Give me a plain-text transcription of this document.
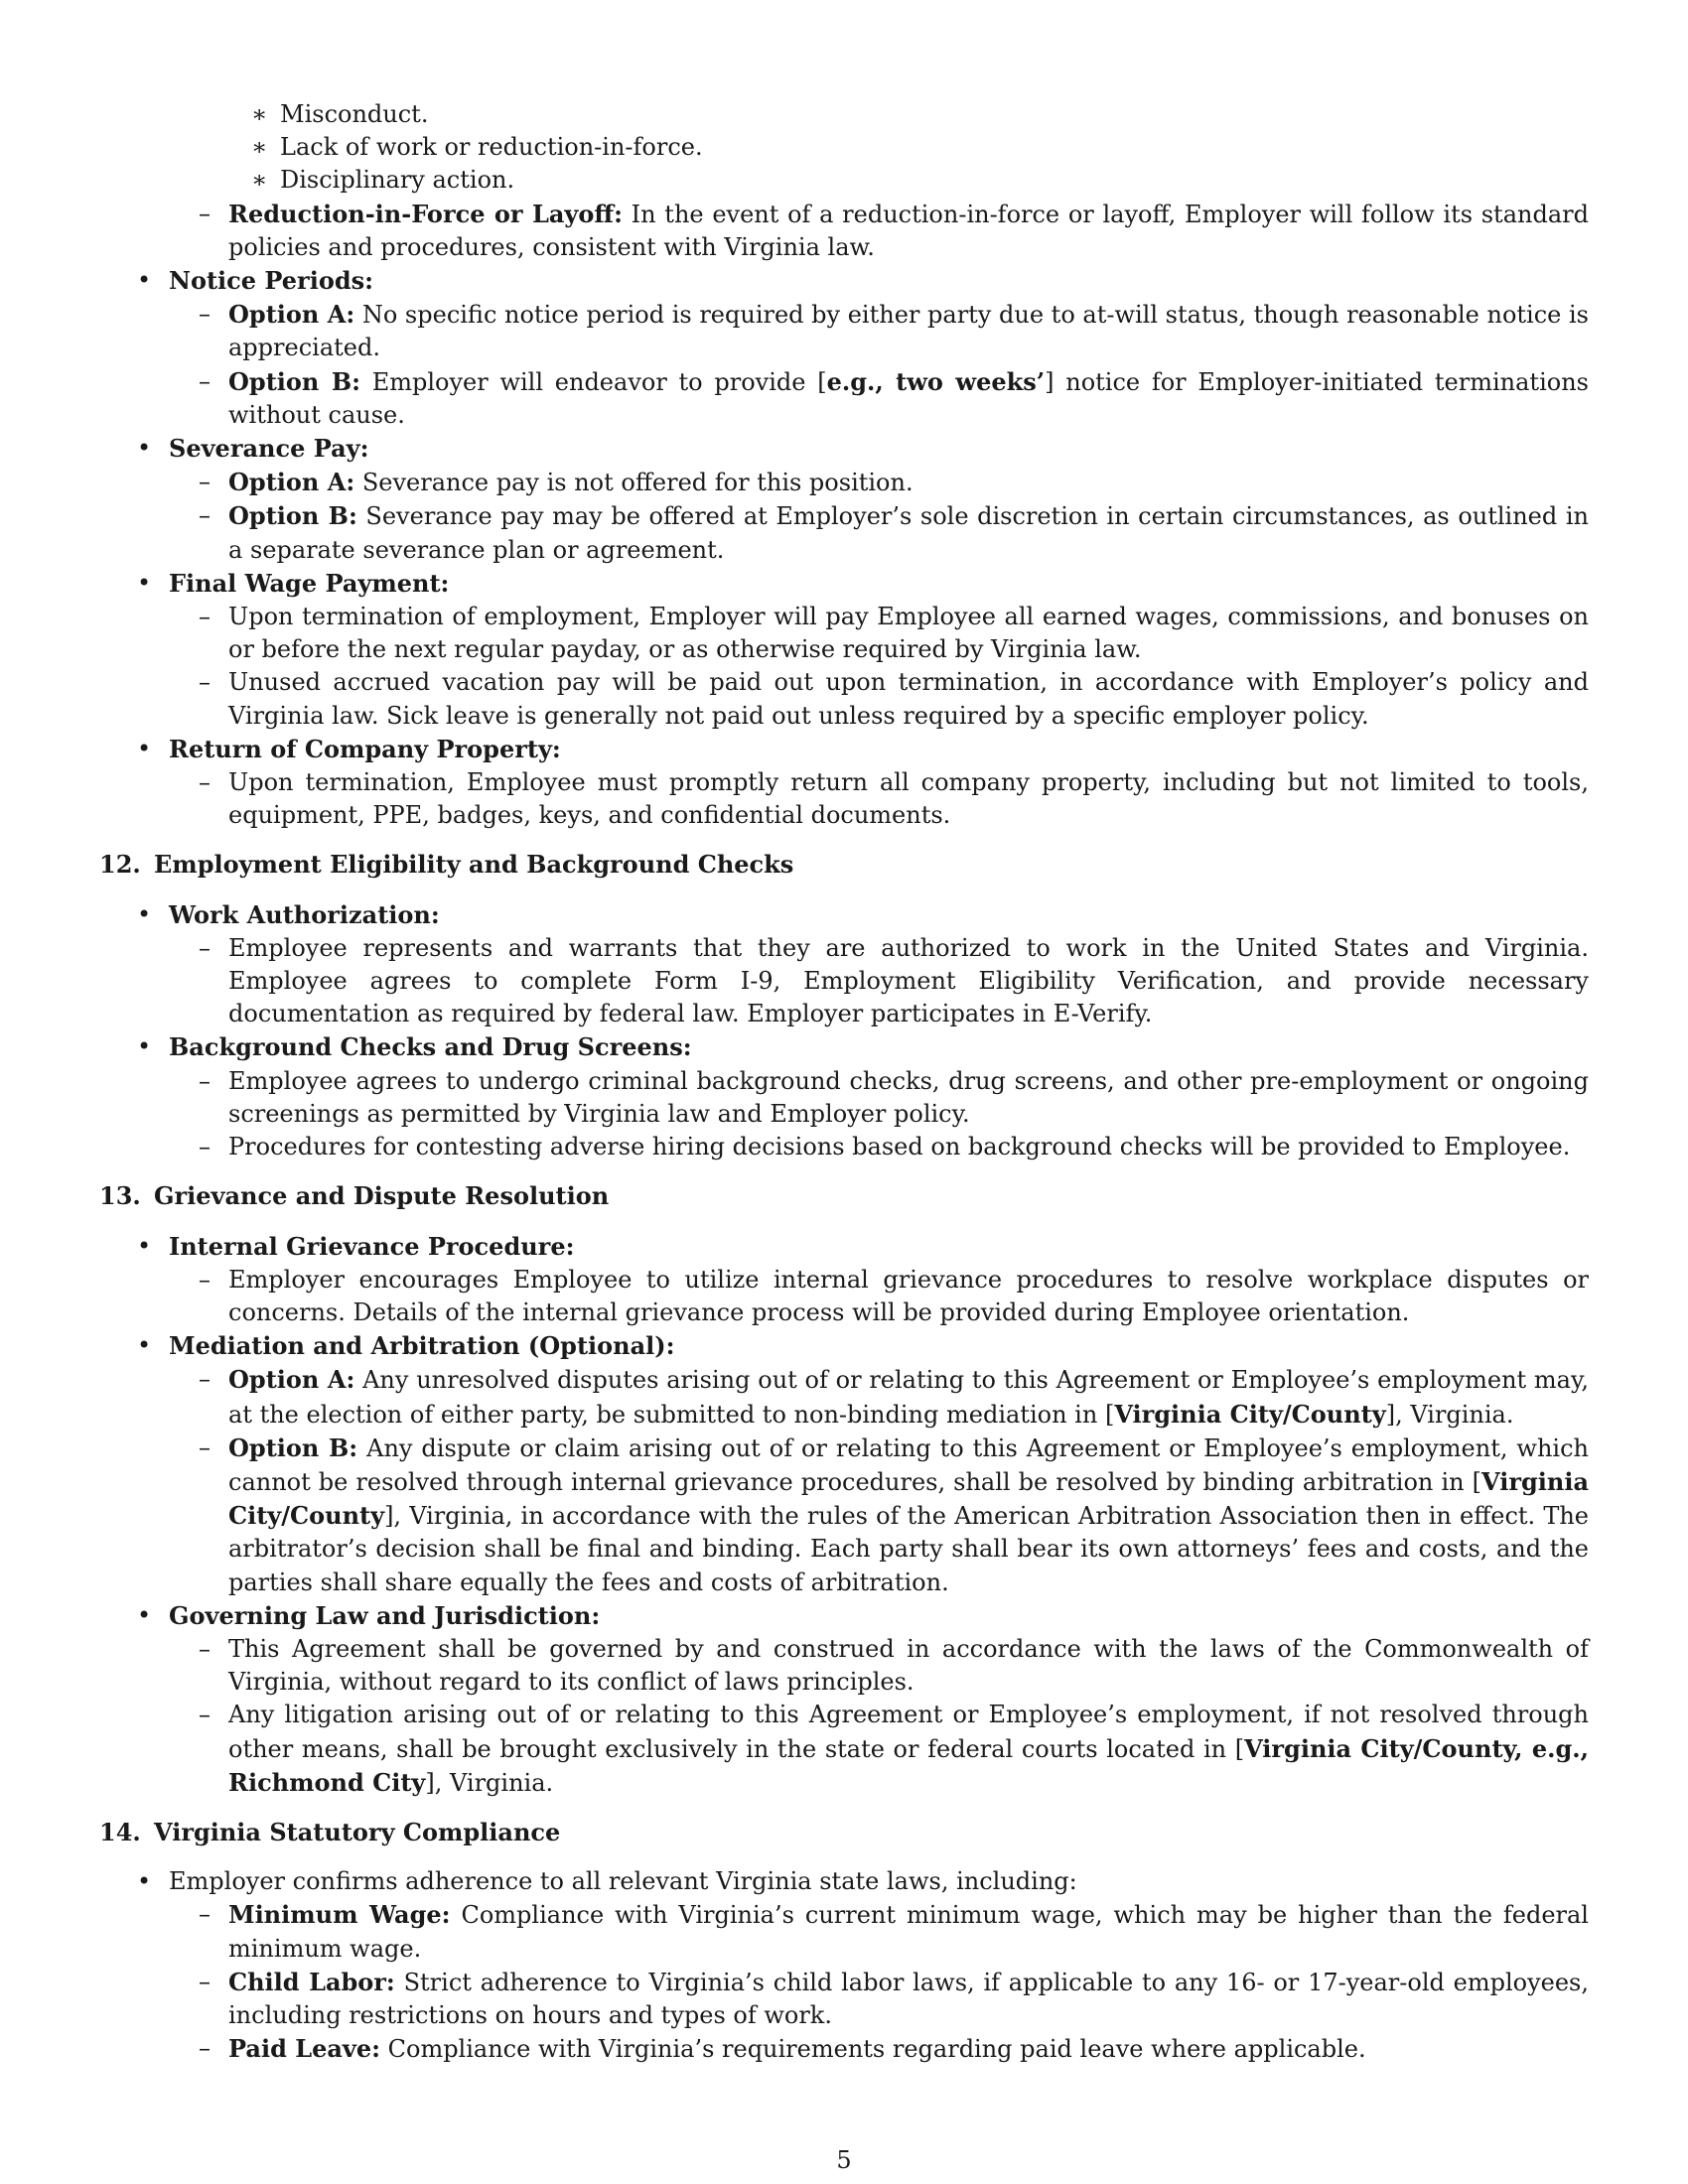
∗ Misconduct.
∗ Lack of work or reduction-in-force.
∗ Disciplinary action.
– Reduction-in-Force or Layoff: In the event of a reduction-in-force or layoff, Employer will follow its standard policies and procedures, consistent with Virginia law.
• Notice Periods:
– Option A: No specific notice period is required by either party due to at-will status, though reasonable notice is appreciated.
– Option B: Employer will endeavor to provide [e.g., two weeks’] notice for Employer-initiated terminations without cause.
• Severance Pay:
– Option A: Severance pay is not offered for this position.
– Option B: Severance pay may be offered at Employer’s sole discretion in certain circumstances, as outlined in a separate severance plan or agreement.
• Final Wage Payment:
– Upon termination of employment, Employer will pay Employee all earned wages, commissions, and bonuses on or before the next regular payday, or as otherwise required by Virginia law.
– Unused accrued vacation pay will be paid out upon termination, in accordance with Employer’s policy and Virginia law. Sick leave is generally not paid out unless required by a specific employer policy.
• Return of Company Property:
– Upon termination, Employee must promptly return all company property, including but not limited to tools, equipment, PPE, badges, keys, and confidential documents.
12. Employment Eligibility and Background Checks
• Work Authorization:
– Employee represents and warrants that they are authorized to work in the United States and Virginia. Employee agrees to complete Form I-9, Employment Eligibility Verification, and provide necessary documentation as required by federal law. Employer participates in E-Verify.
• Background Checks and Drug Screens:
– Employee agrees to undergo criminal background checks, drug screens, and other pre-employment or ongoing screenings as permitted by Virginia law and Employer policy.
– Procedures for contesting adverse hiring decisions based on background checks will be provided to Employee.
13. Grievance and Dispute Resolution
• Internal Grievance Procedure:
– Employer encourages Employee to utilize internal grievance procedures to resolve workplace disputes or concerns. Details of the internal grievance process will be provided during Employee orientation.
• Mediation and Arbitration (Optional):
– Option A: Any unresolved disputes arising out of or relating to this Agreement or Employee’s employment may, at the election of either party, be submitted to non-binding mediation in [Virginia City/County], Virginia.
– Option B: Any dispute or claim arising out of or relating to this Agreement or Employee’s employment, which cannot be resolved through internal grievance procedures, shall be resolved by binding arbitration in [Virginia City/County], Virginia, in accordance with the rules of the American Arbitration Association then in effect. The arbitrator’s decision shall be final and binding. Each party shall bear its own attorneys’ fees and costs, and the parties shall share equally the fees and costs of arbitration.
• Governing Law and Jurisdiction:
– This Agreement shall be governed by and construed in accordance with the laws of the Commonwealth of Virginia, without regard to its conflict of laws principles.
– Any litigation arising out of or relating to this Agreement or Employee’s employment, if not resolved through other means, shall be brought exclusively in the state or federal courts located in [Virginia City/County, e.g., Richmond City], Virginia.
14. Virginia Statutory Compliance
• Employer confirms adherence to all relevant Virginia state laws, including:
– Minimum Wage: Compliance with Virginia’s current minimum wage, which may be higher than the federal minimum wage.
– Child Labor: Strict adherence to Virginia’s child labor laws, if applicable to any 16- or 17-year-old employees, including restrictions on hours and types of work.
– Paid Leave: Compliance with Virginia’s requirements regarding paid leave where applicable.
5
